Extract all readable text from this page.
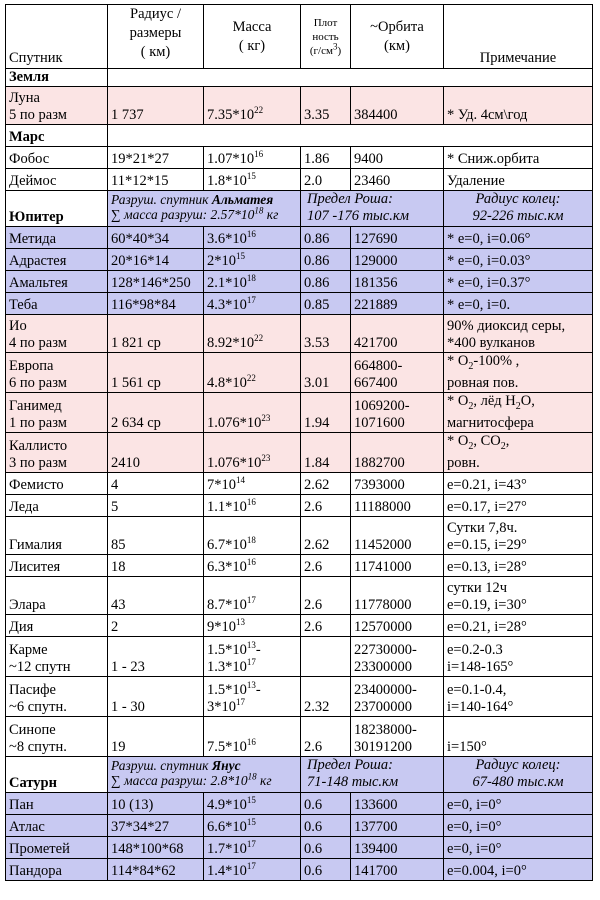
Спутник	Радиус /
размеры
( км)	Масса
( кг)	Плот
ность
$(г/см^3)$	~Орбита
(км)	Примечание
Земля					
Луна
5 по разм	1 737	$7.35*10^{22}$	3.35	384400	* Уд. 4см\год
Марс					
Фобос	19*21*27	$1.07*10^{16}$	1.86	9400	* Сниж.орбита
Деймос	11*12*15	$1.8*10^{15}$	2.0	23460	Удаление
Юпитер	Разруш. спутник Альматея
∑ масса разруш: $2.57*10^{18}$ кг		Предел Роша:
107 -176 тыс.км		Радиус колец:
92-226 тыс.км
Метида	60*40*34	$3.6*10^{16}$	0.86	127690	* e=0, i=0.06°
Адрастея	20*16*14	$2*10^{15}$	0.86	129000	* e=0, i=0.03°
Амальтея	128*146*250	$2.1*10^{18}$	0.86	181356	* e=0, i=0.37°
Теба	116*98*84	$4.3*10^{17}$	0.85	221889	* e=0, i=0.
Ио
4 по разм	1 821 ср	$8.92*10^{22}$	3.53	421700	90% диоксид серы,
*400 вулканов
Европа
6 по разм	1 561 ср	$4.8*10^{22}$	3.01	664800-
667400	* $O_2-100\%$ ,
ровная пов.
Ганимед
1 по разм	2 634 ср	$1.076*10^{23}$	1.94	1069200-
1071600	* $O_2$, лёд $H_2O$,
магнитосфера
Каллисто
3 по разм	2410	$1.076*10^{23}$	1.84	1882700	* $O_2$, $CO_2$,
ровн.
Фемисто	4	$7*10^{14}$	2.62	7393000	e=0.21, i=43°
Леда	5	$1.1*10^{16}$	2.6	11188000	e=0.17, i=27°
Гималия	85	$6.7*10^{18}$	2.62	11452000	Сутки 7,8ч.
e=0.15, i=29°
Лиситея	18	$6.3*10^{16}$	2.6	11741000	e=0.13, i=28°
Элара	43	$8.7*10^{17}$	2.6	11778000	сутки 12ч
e=0.19, i=30°
Дия	2	$9*10^{13}$	2.6	12570000	e=0.21, i=28°
Карме
~12 спутн	1 - 23	$1.5*10^{13}-$
$1.3*10^{17}$		22730000-
23300000	e=0.2-0.3
i=148-165°
Пасифе
~6 спутн.	1 - 30	$1.5*10^{13}-$
$3*10^{17}$	2.32	23400000-
23700000	e=0.1-0.4,
i=140-164°
Синопе
~8 спутн.	19	$7.5*10^{16}$	2.6	18238000-
30191200	i=150°
Сатурн	Разруш. спутник Янус
∑ масса разруш: $2.8*10^{18}$ кг		Предел Роша:
71-148 тыс.км		Радиус колец:
67-480 тыс.км
Пан	10 (13)	$4.9*10^{15}$	0.6	133600	e=0, i=0°
Атлас	37*34*27	$6.6*10^{15}$	0.6	137700	e=0, i=0°
Прометей	148*100*68	$1.7*10^{17}$	0.6	139400	e=0, i=0°
Пандора	114*84*62	$1.4*10^{17}$	0.6	141700	e=0.004, i=0°
